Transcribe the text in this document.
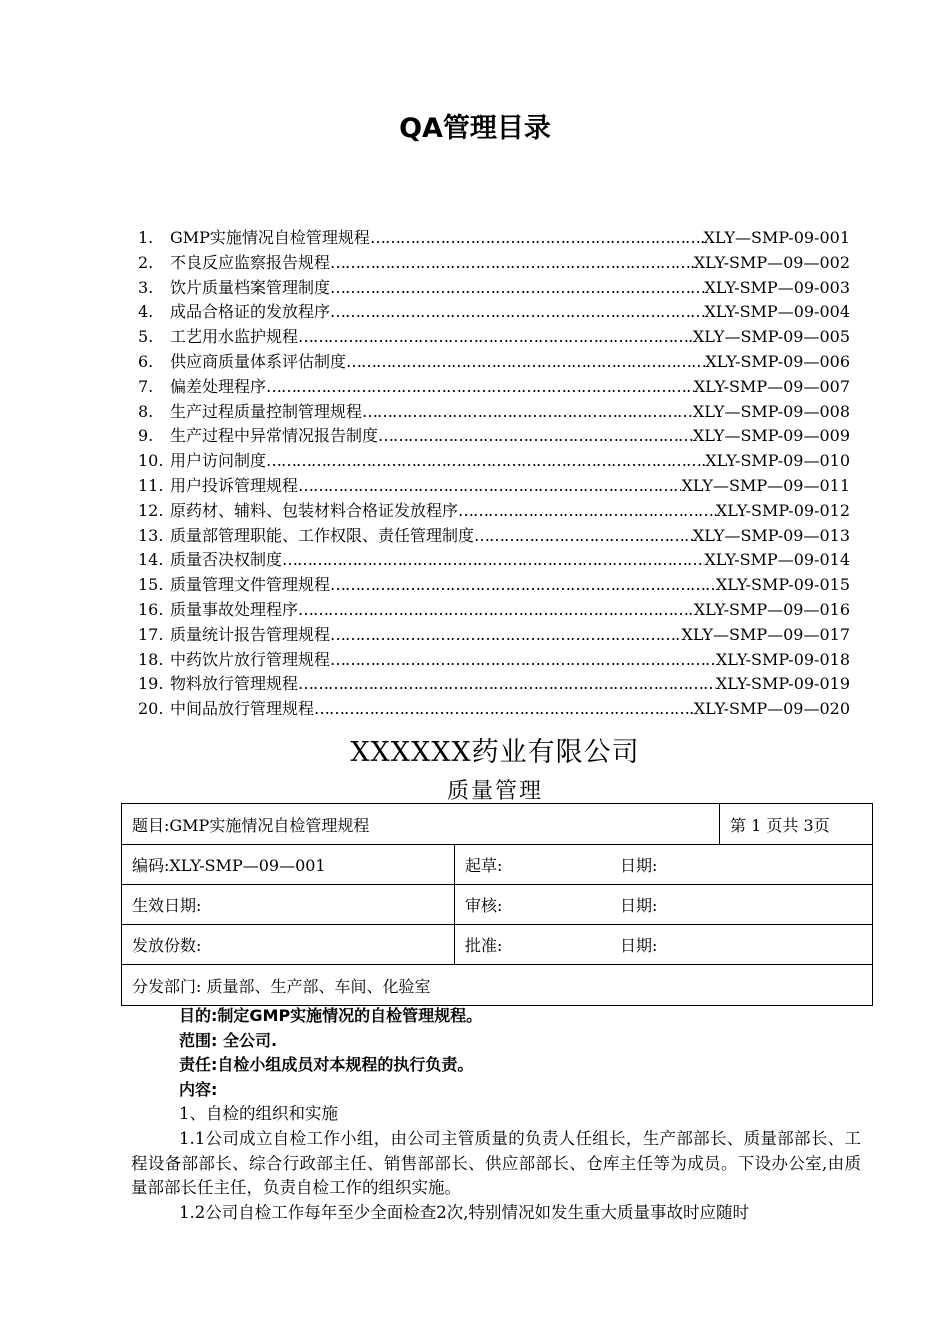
QA管理目录
1.	GMP实施情况自检管理规程 ……………………………………………………………………………………………………………………………………	XLY—SMP-09-001
2.	不良反应监察报告规程 ……………………………………………………………………………………………………………………………………	XLY-SMP—09—002
3.	饮片质量档案管理制度 ……………………………………………………………………………………………………………………………………	XLY-SMP—09-003
4.	成品合格证的发放程序 ……………………………………………………………………………………………………………………………………	XLY-SMP—09-004
5.	工艺用水监护规程 ……………………………………………………………………………………………………………………………………	XLY—SMP-09—005
6.	供应商质量体系评估制度 ……………………………………………………………………………………………………………………………………	XLY-SMP-09—006
7.	偏差处理程序 ……………………………………………………………………………………………………………………………………	XLY-SMP—09—007
8.	生产过程质量控制管理规程 ……………………………………………………………………………………………………………………………………	XLY—SMP-09—008
9.	生产过程中异常情况报告制度 ……………………………………………………………………………………………………………………………………	XLY—SMP-09—009
10. 用户访问制度 ……………………………………………………………………………………………………………………………………	XLY-SMP-09—010
11. 用户投诉管理规程 ……………………………………………………………………………………………………………………………………	XLY—SMP—09—011
12. 原药材、辅料、包装材料合格证发放程序 ……………………………………………………………………………………………………………………………………	XLY-SMP-09-012
13. 质量部管理职能、工作权限、责任管理制度 ……………………………………………………………………………………………………………………………………	XLY—SMP-09—013
14. 质量否决权制度 ……………………………………………………………………………………………………………………………………	XLY-SMP—09-014
15. 质量管理文件管理规程 ……………………………………………………………………………………………………………………………………	XLY-SMP-09-015
16. 质量事故处理程序 ……………………………………………………………………………………………………………………………………	XLY-SMP—09—016
17. 质量统计报告管理规程 ……………………………………………………………………………………………………………………………………	XLY—SMP—09—017
18. 中药饮片放行管理规程 ……………………………………………………………………………………………………………………………………	XLY-SMP-09-018
19. 物料放行管理规程 ……………………………………………………………………………………………………………………………………	XLY-SMP-09-019
20. 中间品放行管理规程 ……………………………………………………………………………………………………………………………………	XLY-SMP—09—020
XXXXXX药业有限公司
质量管理
题目:GMP实施情况自检管理规程	第 1 页共 3页
编码:XLY-SMP—09—001	起草:	日期:
生效日期:	审核:	日期:
发放份数:	批准:	日期:
分发部门: 质量部、生产部、车间、化验室
目的:制定GMP实施情况的自检管理规程。
范围: 全公司.
责任:自检小组成员对本规程的执行负责。
内容:
1、自检的组织和实施
1.1公司成立自检工作小组，由公司主管质量的负责人任组长，生产部部长、质量部部长、工程设备部部长、综合行政部主任、销售部部长、供应部部长、仓库主任等为成员。下设办公室,由质量部部长任主任，负责自检工作的组织实施。
1.2公司自检工作每年至少全面检查2次,特别情况如发生重大质量事故时应随时
